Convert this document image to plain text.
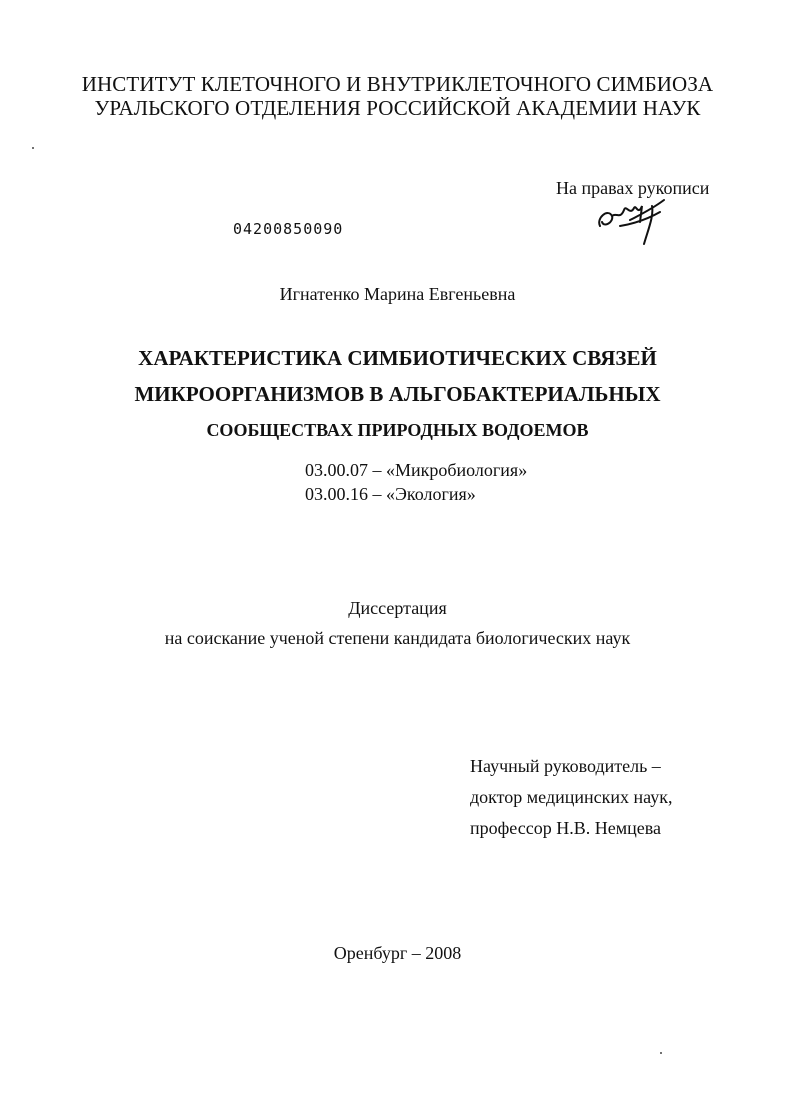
ИНСТИТУТ КЛЕТОЧНОГО И ВНУТРИКЛЕТОЧНОГО СИМБИОЗА
УРАЛЬСКОГО ОТДЕЛЕНИЯ РОССИЙСКОЙ АКАДЕМИИ НАУК
На правах рукописи
04200850090
Игнатенко Марина Евгеньевна
ХАРАКТЕРИСТИКА СИМБИОТИЧЕСКИХ СВЯЗЕЙ
МИКРООРГАНИЗМОВ В АЛЬГОБАКТЕРИАЛЬНЫХ
СООБЩЕСТВАХ ПРИРОДНЫХ ВОДОЕМОВ
03.00.07 – «Микробиология»
03.00.16 – «Экология»
Диссертация
на соискание ученой степени кандидата биологических наук
Научный руководитель –
доктор медицинских наук,
профессор Н.В. Немцева
Оренбург – 2008
